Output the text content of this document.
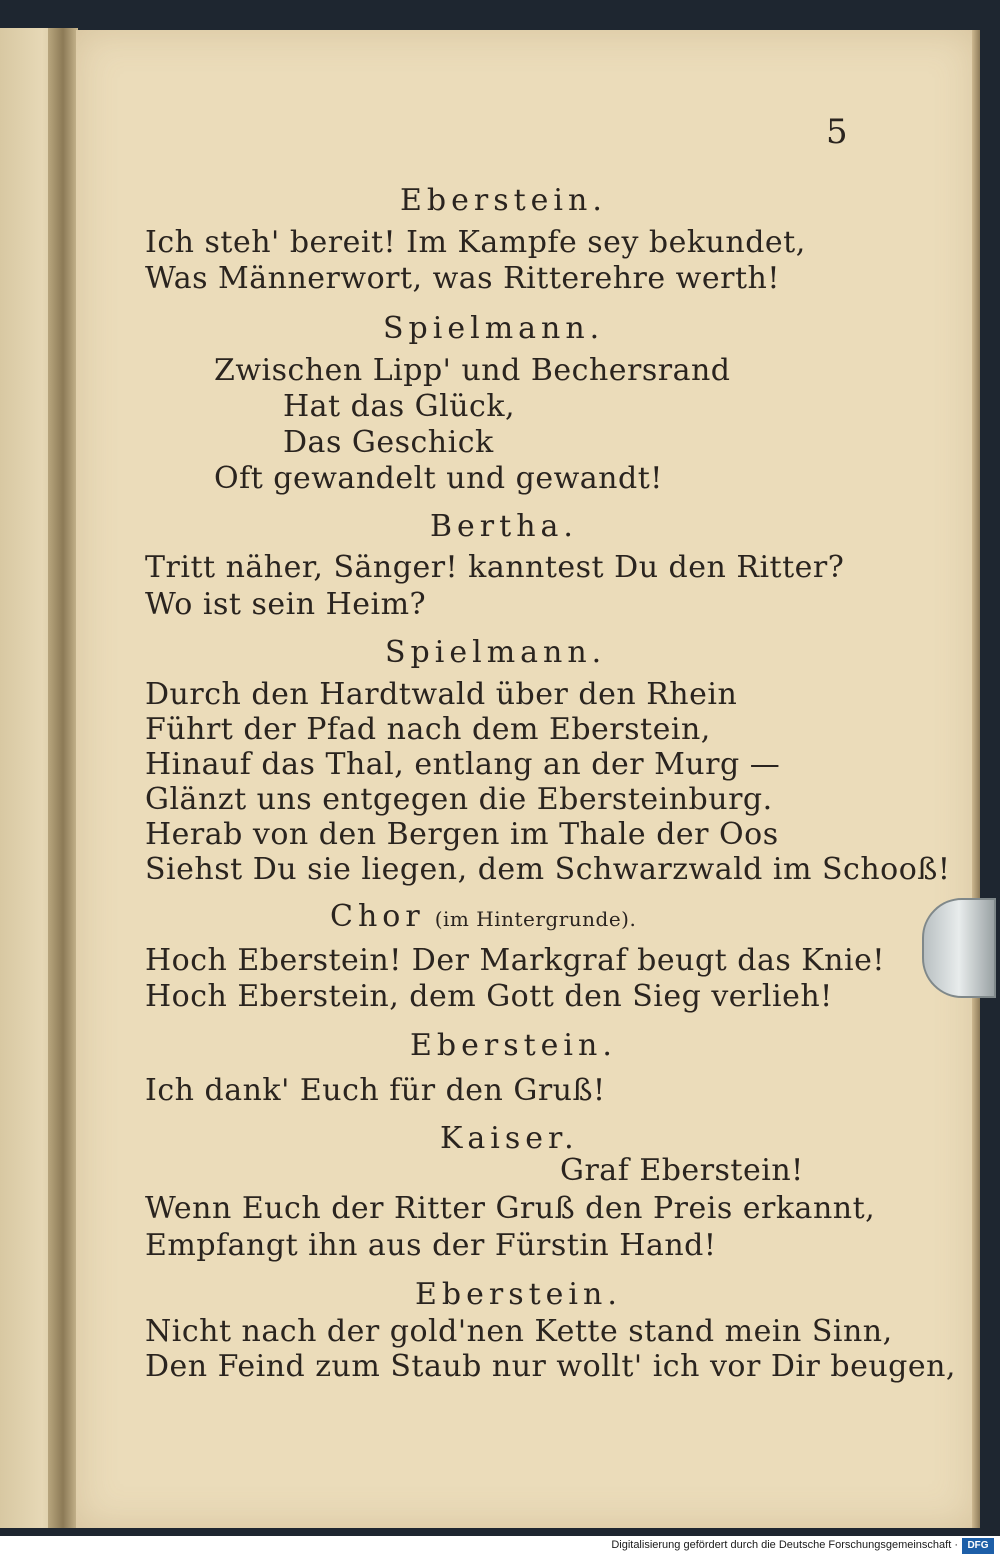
5
Eberstein.
Ich steh' bereit! Im Kampfe sey bekundet,
Was Männerwort, was Ritterehre werth!
Spielmann.
Zwischen Lipp' und Bechersrand
Hat das Glück,
Das Geschick
Oft gewandelt und gewandt!
Bertha.
Tritt näher, Sänger! kanntest Du den Ritter?
Wo ist sein Heim?
Spielmann.
Durch den Hardtwald über den Rhein
Führt der Pfad nach dem Eberstein,
Hinauf das Thal, entlang an der Murg —
Glänzt uns entgegen die Ebersteinburg.
Herab von den Bergen im Thale der Oos
Siehst Du sie liegen, dem Schwarzwald im Schooß!
Chor (im Hintergrunde).
Hoch Eberstein! Der Markgraf beugt das Knie!
Hoch Eberstein, dem Gott den Sieg verlieh!
Eberstein.
Ich dank' Euch für den Gruß!
Kaiser.
Graf Eberstein!
Wenn Euch der Ritter Gruß den Preis erkannt,
Empfangt ihn aus der Fürstin Hand!
Eberstein.
Nicht nach der gold'nen Kette stand mein Sinn,
Den Feind zum Staub nur wollt' ich vor Dir beugen,
Digitalisierung gefördert durch die Deutsche Forschungsgemeinschaft · DFG
